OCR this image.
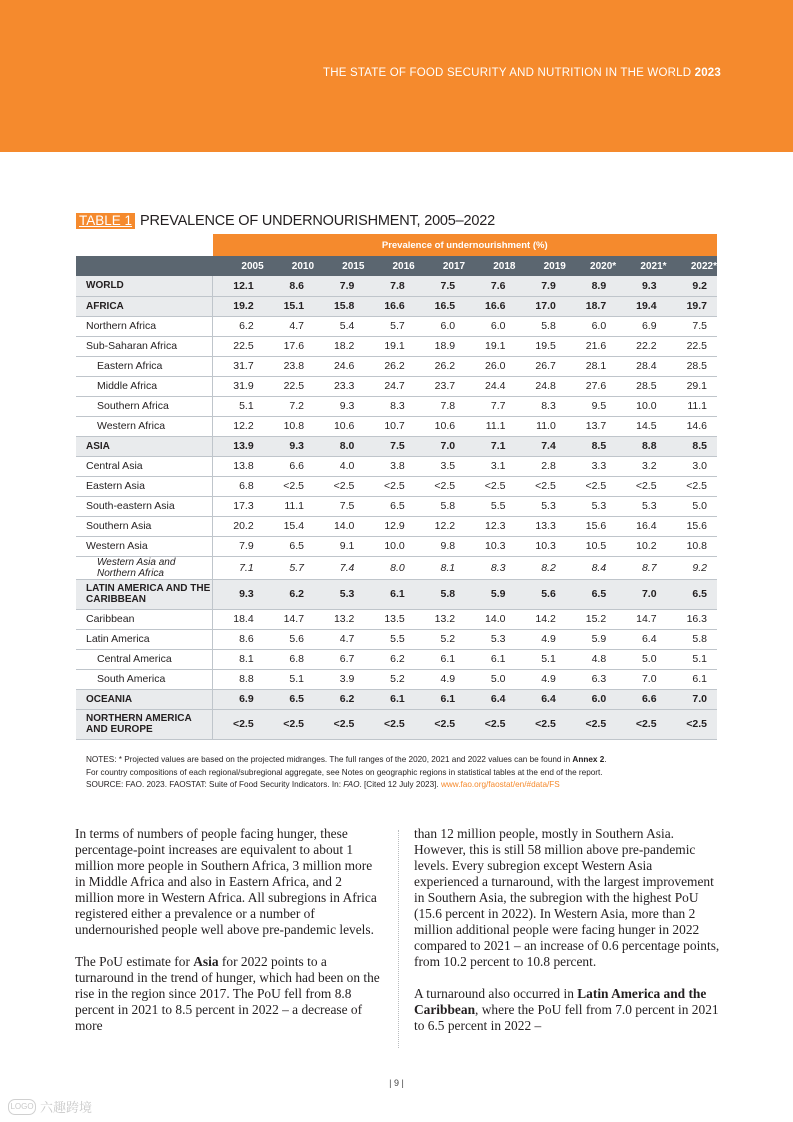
THE STATE OF FOOD SECURITY AND NUTRITION IN THE WORLD 2023
TABLE 1 PREVALENCE OF UNDERNOURISHMENT, 2005–2022
	Prevalence of undernourishment (%)									
	2005	2010	2015	2016	2017	2018	2019	2020*	2021*	2022*
WORLD	12.1	8.6	7.9	7.8	7.5	7.6	7.9	8.9	9.3	9.2
AFRICA	19.2	15.1	15.8	16.6	16.5	16.6	17.0	18.7	19.4	19.7
Northern Africa	6.2	4.7	5.4	5.7	6.0	6.0	5.8	6.0	6.9	7.5
Sub-Saharan Africa	22.5	17.6	18.2	19.1	18.9	19.1	19.5	21.6	22.2	22.5
Eastern Africa	31.7	23.8	24.6	26.2	26.2	26.0	26.7	28.1	28.4	28.5
Middle Africa	31.9	22.5	23.3	24.7	23.7	24.4	24.8	27.6	28.5	29.1
Southern Africa	5.1	7.2	9.3	8.3	7.8	7.7	8.3	9.5	10.0	11.1
Western Africa	12.2	10.8	10.6	10.7	10.6	11.1	11.0	13.7	14.5	14.6
ASIA	13.9	9.3	8.0	7.5	7.0	7.1	7.4	8.5	8.8	8.5
Central Asia	13.8	6.6	4.0	3.8	3.5	3.1	2.8	3.3	3.2	3.0
Eastern Asia	6.8	<2.5	<2.5	<2.5	<2.5	<2.5	<2.5	<2.5	<2.5	<2.5
South-eastern Asia	17.3	11.1	7.5	6.5	5.8	5.5	5.3	5.3	5.3	5.0
Southern Asia	20.2	15.4	14.0	12.9	12.2	12.3	13.3	15.6	16.4	15.6
Western Asia	7.9	6.5	9.1	10.0	9.8	10.3	10.3	10.5	10.2	10.8
Western Asia and Northern Africa	7.1	5.7	7.4	8.0	8.1	8.3	8.2	8.4	8.7	9.2
LATIN AMERICA AND THE CARIBBEAN	9.3	6.2	5.3	6.1	5.8	5.9	5.6	6.5	7.0	6.5
Caribbean	18.4	14.7	13.2	13.5	13.2	14.0	14.2	15.2	14.7	16.3
Latin America	8.6	5.6	4.7	5.5	5.2	5.3	4.9	5.9	6.4	5.8
Central America	8.1	6.8	6.7	6.2	6.1	6.1	5.1	4.8	5.0	5.1
South America	8.8	5.1	3.9	5.2	4.9	5.0	4.9	6.3	7.0	6.1
OCEANIA	6.9	6.5	6.2	6.1	6.1	6.4	6.4	6.0	6.6	7.0
NORTHERN AMERICA AND EUROPE	<2.5	<2.5	<2.5	<2.5	<2.5	<2.5	<2.5	<2.5	<2.5	<2.5
NOTES: * Projected values are based on the projected midranges. The full ranges of the 2020, 2021 and 2022 values can be found in Annex 2.
For country compositions of each regional/subregional aggregate, see Notes on geographic regions in statistical tables at the end of the report.
SOURCE: FAO. 2023. FAOSTAT: Suite of Food Security Indicators. In: FAO. [Cited 12 July 2023]. www.fao.org/faostat/en/#data/FS

In terms of numbers of people facing hunger, these percentage-point increases are equivalent to about 1 million more people in Southern Africa, 3 million more in Middle Africa and also in Eastern Africa, and 2 million more in Western Africa. All subregions in Africa registered either a prevalence or a number of undernourished people well above pre-pandemic levels.

The PoU estimate for Asia for 2022 points to a turnaround in the trend of hunger, which had been on the rise in the region since 2017. The PoU fell from 8.8 percent in 2021 to 8.5 percent in 2022 – a decrease of more

than 12 million people, mostly in Southern Asia. However, this is still 58 million above pre-pandemic levels. Every subregion except Western Asia experienced a turnaround, with the largest improvement in Southern Asia, the subregion with the highest PoU (15.6 percent in 2022). In Western Asia, more than 2 million additional people were facing hunger in 2022 compared to 2021 – an increase of 0.6 percentage points, from 10.2 percent to 10.8 percent.

A turnaround also occurred in Latin America and the Caribbean, where the PoU fell from 7.0 percent in 2021 to 6.5 percent in 2022 –

| 9 |
LOGO 六趣跨境
